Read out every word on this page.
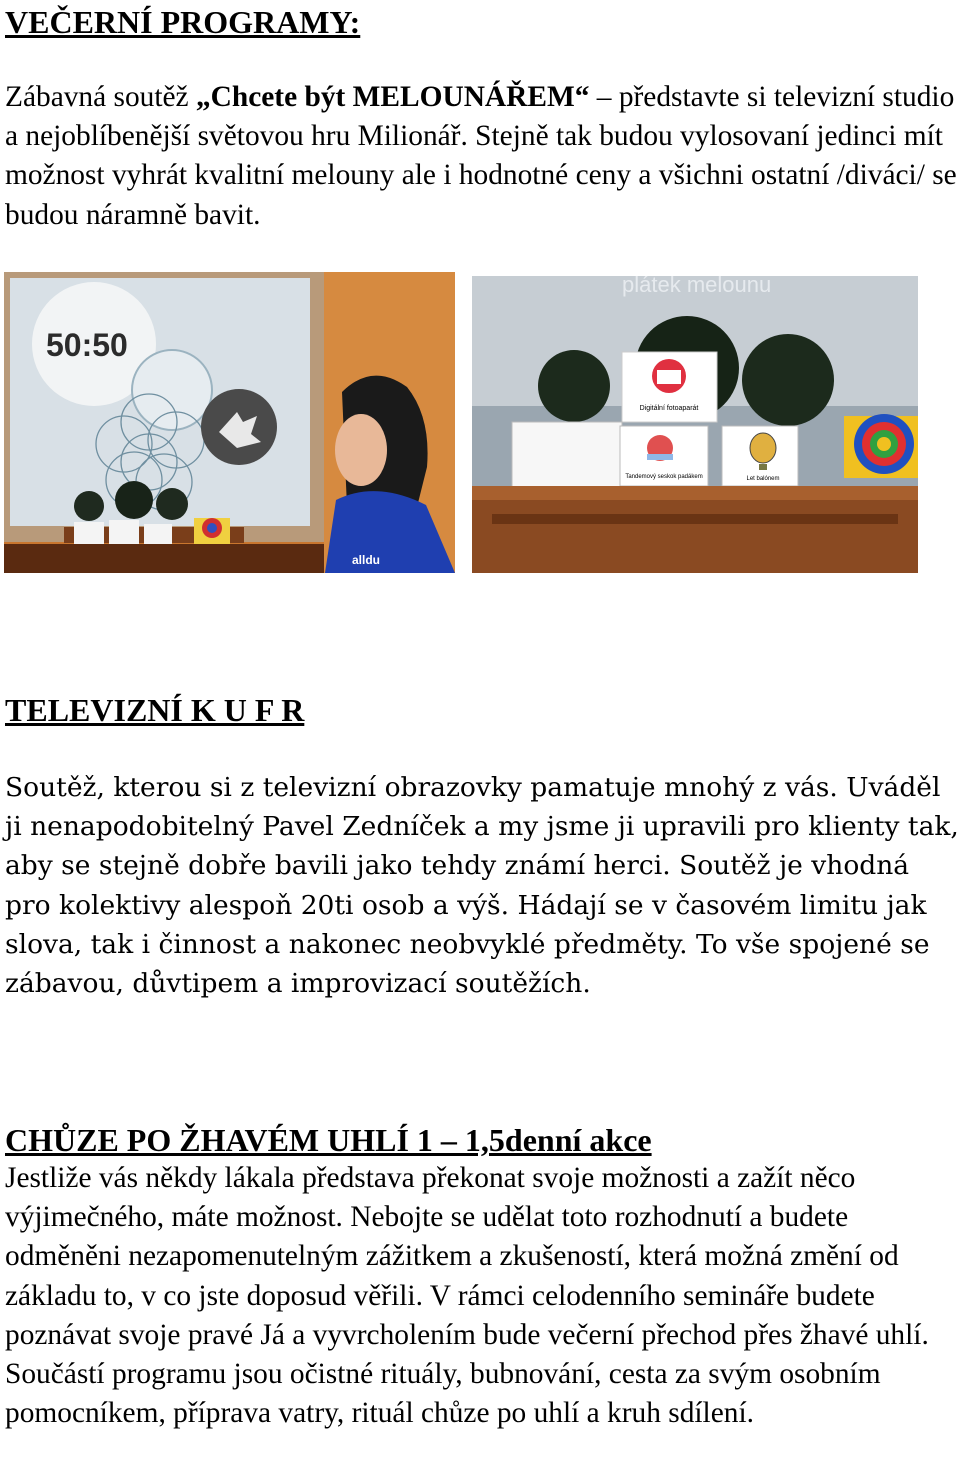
VEČERNÍ PROGRAMY:

Zábavná soutěž „Chcete být MELOUNÁŘEM“ – představte si televizní studio a nejoblíbenější světovou hru Milionář. Stejně tak budou vylosovaní jedinci mít možnost vyhrát kvalitní melouny ale i hodnotné ceny a všichni ostatní /diváci/ se budou náramně bavit.

50:50
alldu
plátek melounu
Digitální fotoaparát
Tandemový seskok padákem	Let balónem
TELEVIZNÍ K U F R

Soutěž, kterou si z televizní obrazovky pamatuje mnohý z vás. Uváděl ji nenapodobitelný Pavel Zedníček a my jsme ji upravili pro klienty tak, aby se stejně dobře bavili jako tehdy známí herci. Soutěž je vhodná pro kolektivy alespoň 20ti osob a výš. Hádají se v časovém limitu jak slova, tak i činnost a nakonec neobvyklé předměty. To vše spojené se zábavou, důvtipem a improvizací soutěžích.

CHŮZE PO ŽHAVÉM UHLÍ 1 – 1,5denní akce

Jestliže vás někdy lákala představa překonat svoje možnosti a zažít něco výjimečného, máte možnost. Nebojte se udělat toto rozhodnutí a budete odměněni nezapomenutelným zážitkem a zkušeností, která možná změní od základu to, v co jste doposud věřili. V rámci celodenního semináře budete poznávat svoje pravé Já a vyvrcholením bude večerní přechod přes žhavé uhlí. Součástí programu jsou očistné rituály, bubnování, cesta za svým osobním pomocníkem, příprava vatry, rituál chůze po uhlí a kruh sdílení.
